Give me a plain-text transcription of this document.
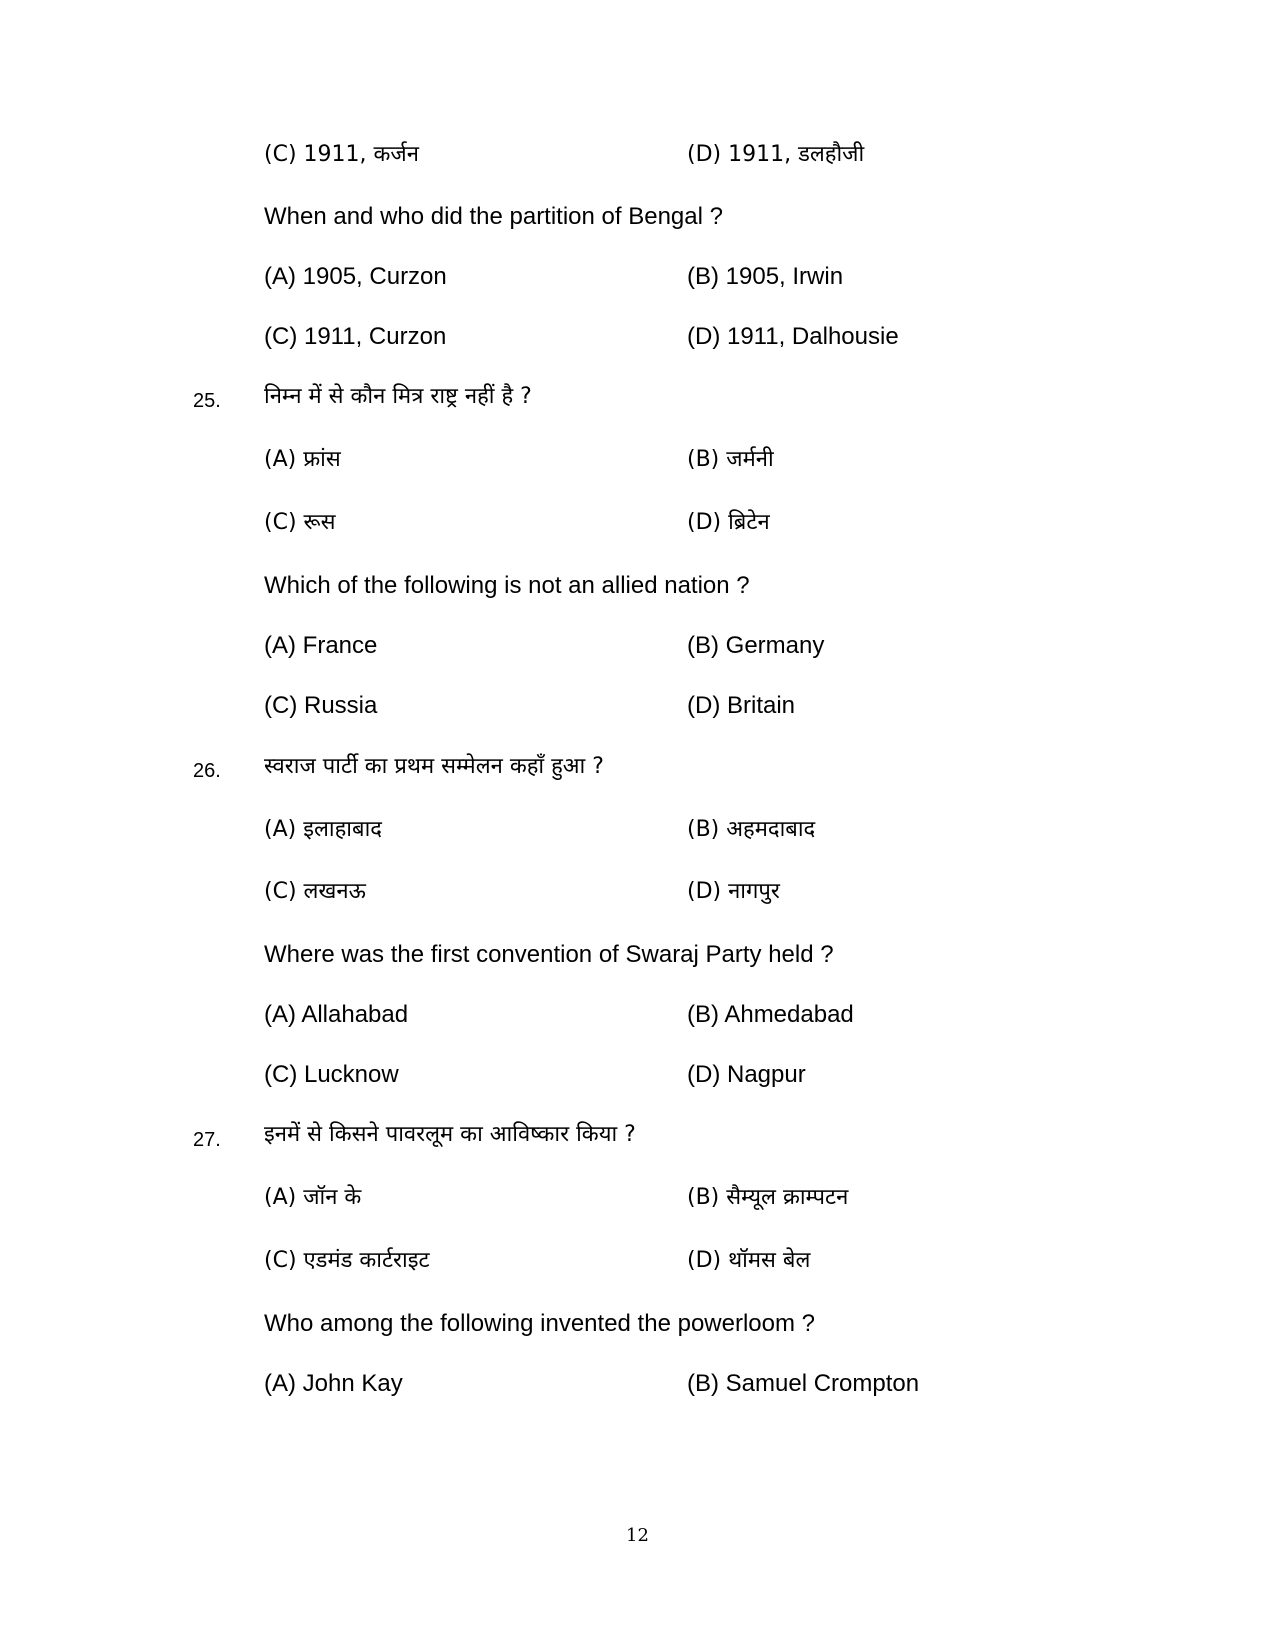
(C) 1911, कर्जन	(D) 1911, डलहौजी
When and who did the partition of Bengal ?
(A) 1905, Curzon	(B) 1905, Irwin
(C) 1911, Curzon	(D) 1911, Dalhousie
25. निम्न में से कौन मित्र राष्ट्र नहीं है ?
(A) फ्रांस	(B) जर्मनी
(C) रूस	(D) ब्रिटेन
Which of the following is not an allied nation ?
(A) France	(B) Germany
(C) Russia	(D) Britain
26. स्वराज पार्टी का प्रथम सम्मेलन कहाँ हुआ ?
(A) इलाहाबाद	(B) अहमदाबाद
(C) लखनऊ	(D) नागपुर
Where was the first convention of Swaraj Party held ?
(A) Allahabad	(B) Ahmedabad
(C) Lucknow	(D) Nagpur
27. इनमें से किसने पावरलूम का आविष्कार किया ?
(A) जॉन के	(B) सैम्यूल क्राम्पटन
(C) एडमंड कार्टराइट	(D) थॉमस बेल
Who among the following invented the powerloom ?
(A) John Kay	(B) Samuel Crompton
12
